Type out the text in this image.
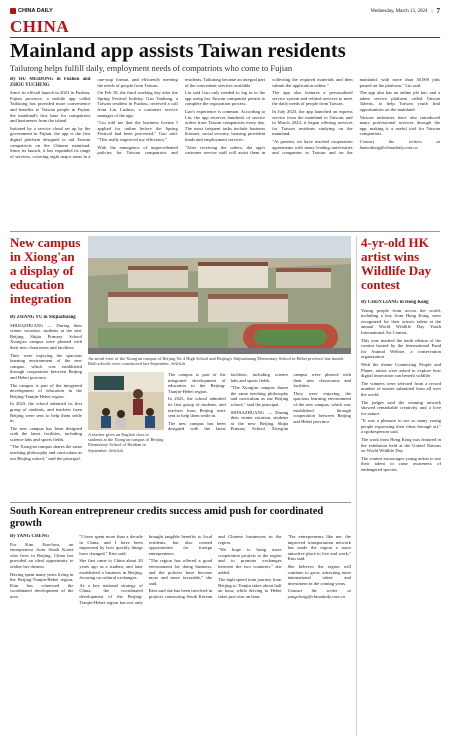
CHINA DAILY	Wednesday, March 13, 2024 | 7
CHINA
Mainland app assists Taiwan residents
Tailutong helps fulfill daily, employment needs of compatriots who come to Fujian

By HU MEIDONG in Fuzhou and ZHOU YUCHENG

Since its official launch in 2023 in Fuzhou, Fujian province, a mobile app called Tailutong has provided more convenience and benefits to Taiwan people in Fujian, the mainland's first base for compatriots and businesses from the island.

Initiated by a service cloud set up by the government in Fujian, the app is the first digital platform designed to aid Taiwan compatriots on the Chinese mainland. Since its launch, it has expanded its range of services, covering eight major areas in a one-stop format, and efficiently meeting the needs of people from Taiwan.

On Feb 18, the third working day after the Spring Festival holiday, Gao Tanhong, a Taiwan resident in Fuzhou, received a call from Liu Lushuo, a customer service manager of the app.

"Liu told me that the business license I applied for online before the Spring Festival had been processed," Gao said. "This really improved my efficiency."

With the emergence of unprecedented policies for Taiwan compatriots and residents, Tailutong became an integral part of the convenient services available.

Liu said Gao only needed to log in to the app using her Taiwan compatriot permit to complete the registration process.

Gao's experience is common. According to Lin, the app receives hundreds of service orders from Taiwan compatriots every day. The most frequent tasks include business licenses, social security, housing provident funds and employment services.

"After receiving the orders, the app's customer service staff will assist them in collecting the required materials and then submit the application online."

The app also features a personalized service system and refined services to meet the daily needs of people from Taiwan.

In July 2023, the app launched an express service from the mainland to Taiwan, and in March 2024, it began offering services for Taiwan residents studying on the mainland.

"At present, we have reached cooperation agreements with many leading universities and companies in Taiwan and on the mainland, with more than 30,000 jobs posted on the platform," Lin said.

The app also has an online job fair, and a talent service platform called Taiwan Talents, to help Taiwan youth find opportunities on the mainland.

Various industries have also introduced many professional services through the app, making it a useful tool for Taiwan compatriots.

Contact the writers at humeidong@chinadaily.com.cn

New campus in Xiong'an a display of education integration

By ZHANG YU in Shijiazhuang

SHIJIAZHUANG — During their winter vacation, students at the new Beijing Shijia Primary School Xiong'an campus were pleased with their new classrooms and facilities.

They were enjoying the spacious learning environment of the new campus, which was established through cooperation between Beijing and Hebei province.

The campus is part of the integrated development of education in the Beijing-Tianjin-Hebei region.

In 2023, the school admitted its first group of students, and teachers from Beijing were sent to help them settle in.

The new campus has been designed with the latest facilities, including science labs and sports fields.

"The Xiong'an campus shares the same teaching philosophy and curriculum as our Beijing school," said the principal.

An aerial view of the Xiong'an campus of Beijing No 4 High School and Beijing's Shijiazhuang Elementary School in Hebei province last month. Both schools were constructed last September. XINHUA
A teacher gives an English class to students at the Xiong'an campus of Beijing Elementary School of Haidian in September. XINHUA

The campus is part of the integrated development of education in the Beijing-Tianjin-Hebei region.

In 2023, the school admitted its first group of students, and teachers from Beijing were sent to help them settle in.

The new campus has been designed with the latest facilities, including science labs and sports fields.

"The Xiong'an campus shares the same teaching philosophy and curriculum as our Beijing school," said the principal.

SHIJIAZHUANG — During their winter vacation, students at the new Beijing Shijia Primary School Xiong'an campus were pleased with their new classrooms and facilities.

They were enjoying the spacious learning environment of the new campus, which was established through cooperation between Beijing and Hebei province.

4-yr-old HK artist wins Wildlife Day contest

By CHEN LIANG in Hong Kong

Young people from across the world, including a boy from Hong Kong, were recognized for their artistic talent at the annual World Wildlife Day Youth International Art Contest.

This year marked the tenth edition of the contest hosted by the International Fund for Animal Welfare, a conservation organization.

With the theme Connecting People and Planet, artists were asked to explore how digital innovation can benefit wildlife.

The winners were selected from a record number of entries submitted from all over the world.

The judges said the winning artwork showed remarkable creativity and a love for nature.

"It was a pleasure to see so many young people expressing their ideas through art," a spokesperson said.

The work from Hong Kong was featured in the exhibition held at the United Nations on World Wildlife Day.

The contest encourages young artists to use their talent to raise awareness of endangered species.

South Korean entrepreneur credits success amid push for coordinated growth

By YANG CHENG

For Kim Eun-hwa, an entrepreneur from South Korea who lives in Beijing, China has provided an ideal opportunity to realize her dreams.

Having spent many years living in the Beijing-Tianjin-Hebei region, Kim has witnessed the coordinated development of the area.

"I have spent more than a decade in China, and I have been impressed by how quickly things have changed," Kim said.

She first came to China about 20 years ago as a student, and later established a business in Beijing, focusing on cultural exchanges.

As a key national strategy of China, the coordinated development of the Beijing-Tianjin-Hebei region has not only brought tangible benefits to local residents, but also created opportunities for foreign entrepreneurs.

"The region has offered a good environment for doing business, and the policies have become more and more favorable," she said.

Kim said she has been involved in projects connecting South Korean and Chinese businesses in the region.

"We hope to bring more cooperation projects to the region and to promote exchanges between the two countries," she added.

The high-speed train journey from Beijing to Tianjin takes about half an hour, while driving to Hebei takes just over an hour.

"For entrepreneurs like me, the improved transportation network has made the region a more attractive place to live and work," Kim said.

She believes the region will continue to grow, attracting more international talent and investment in the coming years.

Contact the writer at yangcheng@chinadaily.com.cn
